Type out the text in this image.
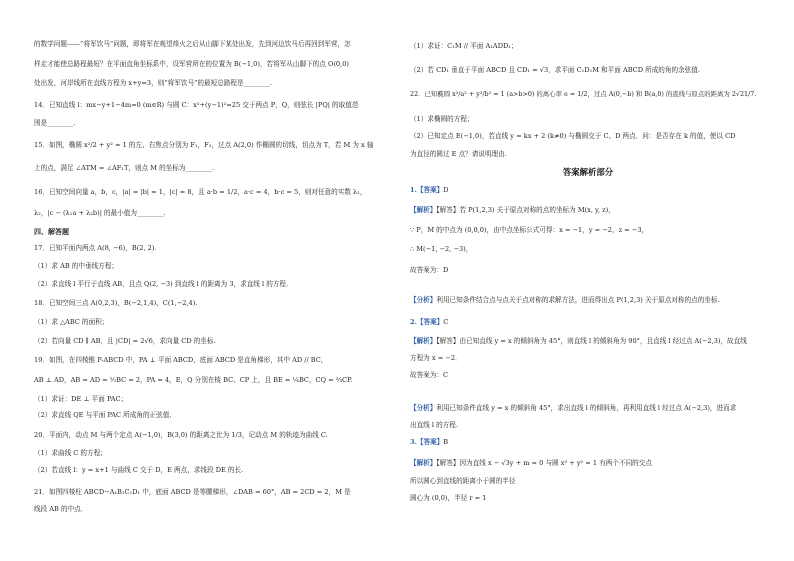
的数学问题——“将军饮马”问题，即将军在观望烽火之后从山脚下某处出发，先到河边饮马后再回到军营，怎
样走才能使总路程最短？在平面直角坐标系中，设军营所在的位置为 B(−1,0)，若将军从山脚下的点 O(0,0)
处出发，河岸线所在直线方程为 x+y=3，则“将军饮马”的最短总路程是________.
14．已知直线 l：mx−y+1−4m=0 (m∈R) 与圆 C：x²+(y−1)²=25 交于两点 P，Q，则弦长 |PQ| 的取值范
围是________.
15．如图，椭圆 x²/2 + y² = 1 的左、右焦点分别为 F₁，F₂，过点 A(2,0) 作椭圆的切线，切点为 T，若 M 为 x 轴
上的点，满足 ∠ATM = ∠AF₁T，则点 M 的坐标为________.
16．已知空间向量 a，b，c，|a| = |b| = 1，|c| = 8，且 a·b = 1/2，a·c = 4，b·c = 5，则对任意的实数 λ₁，
λ₂，|c − (λ₁a + λ₂b)| 的最小值为________.
四、解答题
17．已知平面内两点 A(8, −6)，B(2, 2).
（1）求 AB 的中垂线方程；
（2）求直线 l 平行于直线 AB，且点 Q(2, −3) 到直线 l 的距离为 3，求直线 l 的方程.
18．已知空间三点 A(0,2,3)，B(−2,1,4)，C(1,−2,4).
（1）求 △ABC 的面积；
（2）若向量 CD ∥ AB，且 |CD| = 2√6，求向量 CD 的坐标.
19．如图，在四棱锥 P-ABCD 中，PA ⊥ 平面 ABCD，底面 ABCD 是直角梯形，其中 AD // BC，
AB ⊥ AD，AB = AD = ½BC = 2，PA = 4，E，Q 分别在棱 BC、CP 上，且 BE = ¼BC，CQ = ⅔CP.
（1）求证：DE ⊥ 平面 PAC；
（2）求直线 QE 与平面 PAC 所成角的正弦值.
20．平面内，动点 M 与两个定点 A(−1,0)，B(3,0) 的距离之比为 1/3，记动点 M 的轨迹为曲线 C.
（1）求曲线 C 的方程；
（2）若直线 l：y = x+1 与曲线 C 交于 D，E 两点，求线段 DE 的长.
21．如图四棱柱 ABCD−A₁B₁C₁D₁ 中，底面 ABCD 是等腰梯形，∠DAB = 60°，AB = 2CD = 2，M 是
线段 AB 的中点.
（1）求证：C₁M // 平面 A₁ADD₁；
（2）若 CD₁ 垂直于平面 ABCD 且 CD₁ = √3，求平面 C₁D₁M 和平面 ABCD 所成的角的余弦值.
22．已知椭圆 x²/a² + y²/b² = 1 (a>b>0) 的离心率 e = 1/2，过点 A(0,−b) 和 B(a,0) 的直线与原点的距离为 2√21/7.
（1）求椭圆的方程；
（2）已知定点 E(−1,0)，若直线 y = kx + 2 (k≠0) 与椭圆交于 C、D 两点．问：是否存在 k 的值，使以 CD
为直径的圆过 E 点？请说明理由.
答案解析部分
1.【答案】D
【解析】【解答】若 P(1,2,3) 关于原点对称的点的坐标为 M(x, y, z)，
∵ P，M 的中点为 (0,0,0)，由中点坐标公式可得：x = −1，y = −2，z = −3，
∴ M(−1, −2, −3)，
故答案为：D
【分析】利用已知条件结合点与点关于点对称的求解方法，进而得出点 P(1,2,3) 关于原点对称的点的坐标.
2.【答案】C
【解析】【解答】由已知直线 y = x 的倾斜角为 45°，则直线 l 的倾斜角为 90°，且直线 l 经过点 A(−2,3)，故直线
方程为 x = −2．
故答案为：C
【分析】利用已知条件直线 y = x 的倾斜角 45°，求出直线 l 的倾斜角，再利用直线 l 经过点 A(−2,3)，进而求
出直线 l 的方程.
3.【答案】B
【解析】【解答】因为直线 x − √3y + m = 0 与圆 x² + y² = 1 有两个不同的交点
所以圆心到直线的距离小于圆的半径
圆心为 (0,0)，半径 r = 1
